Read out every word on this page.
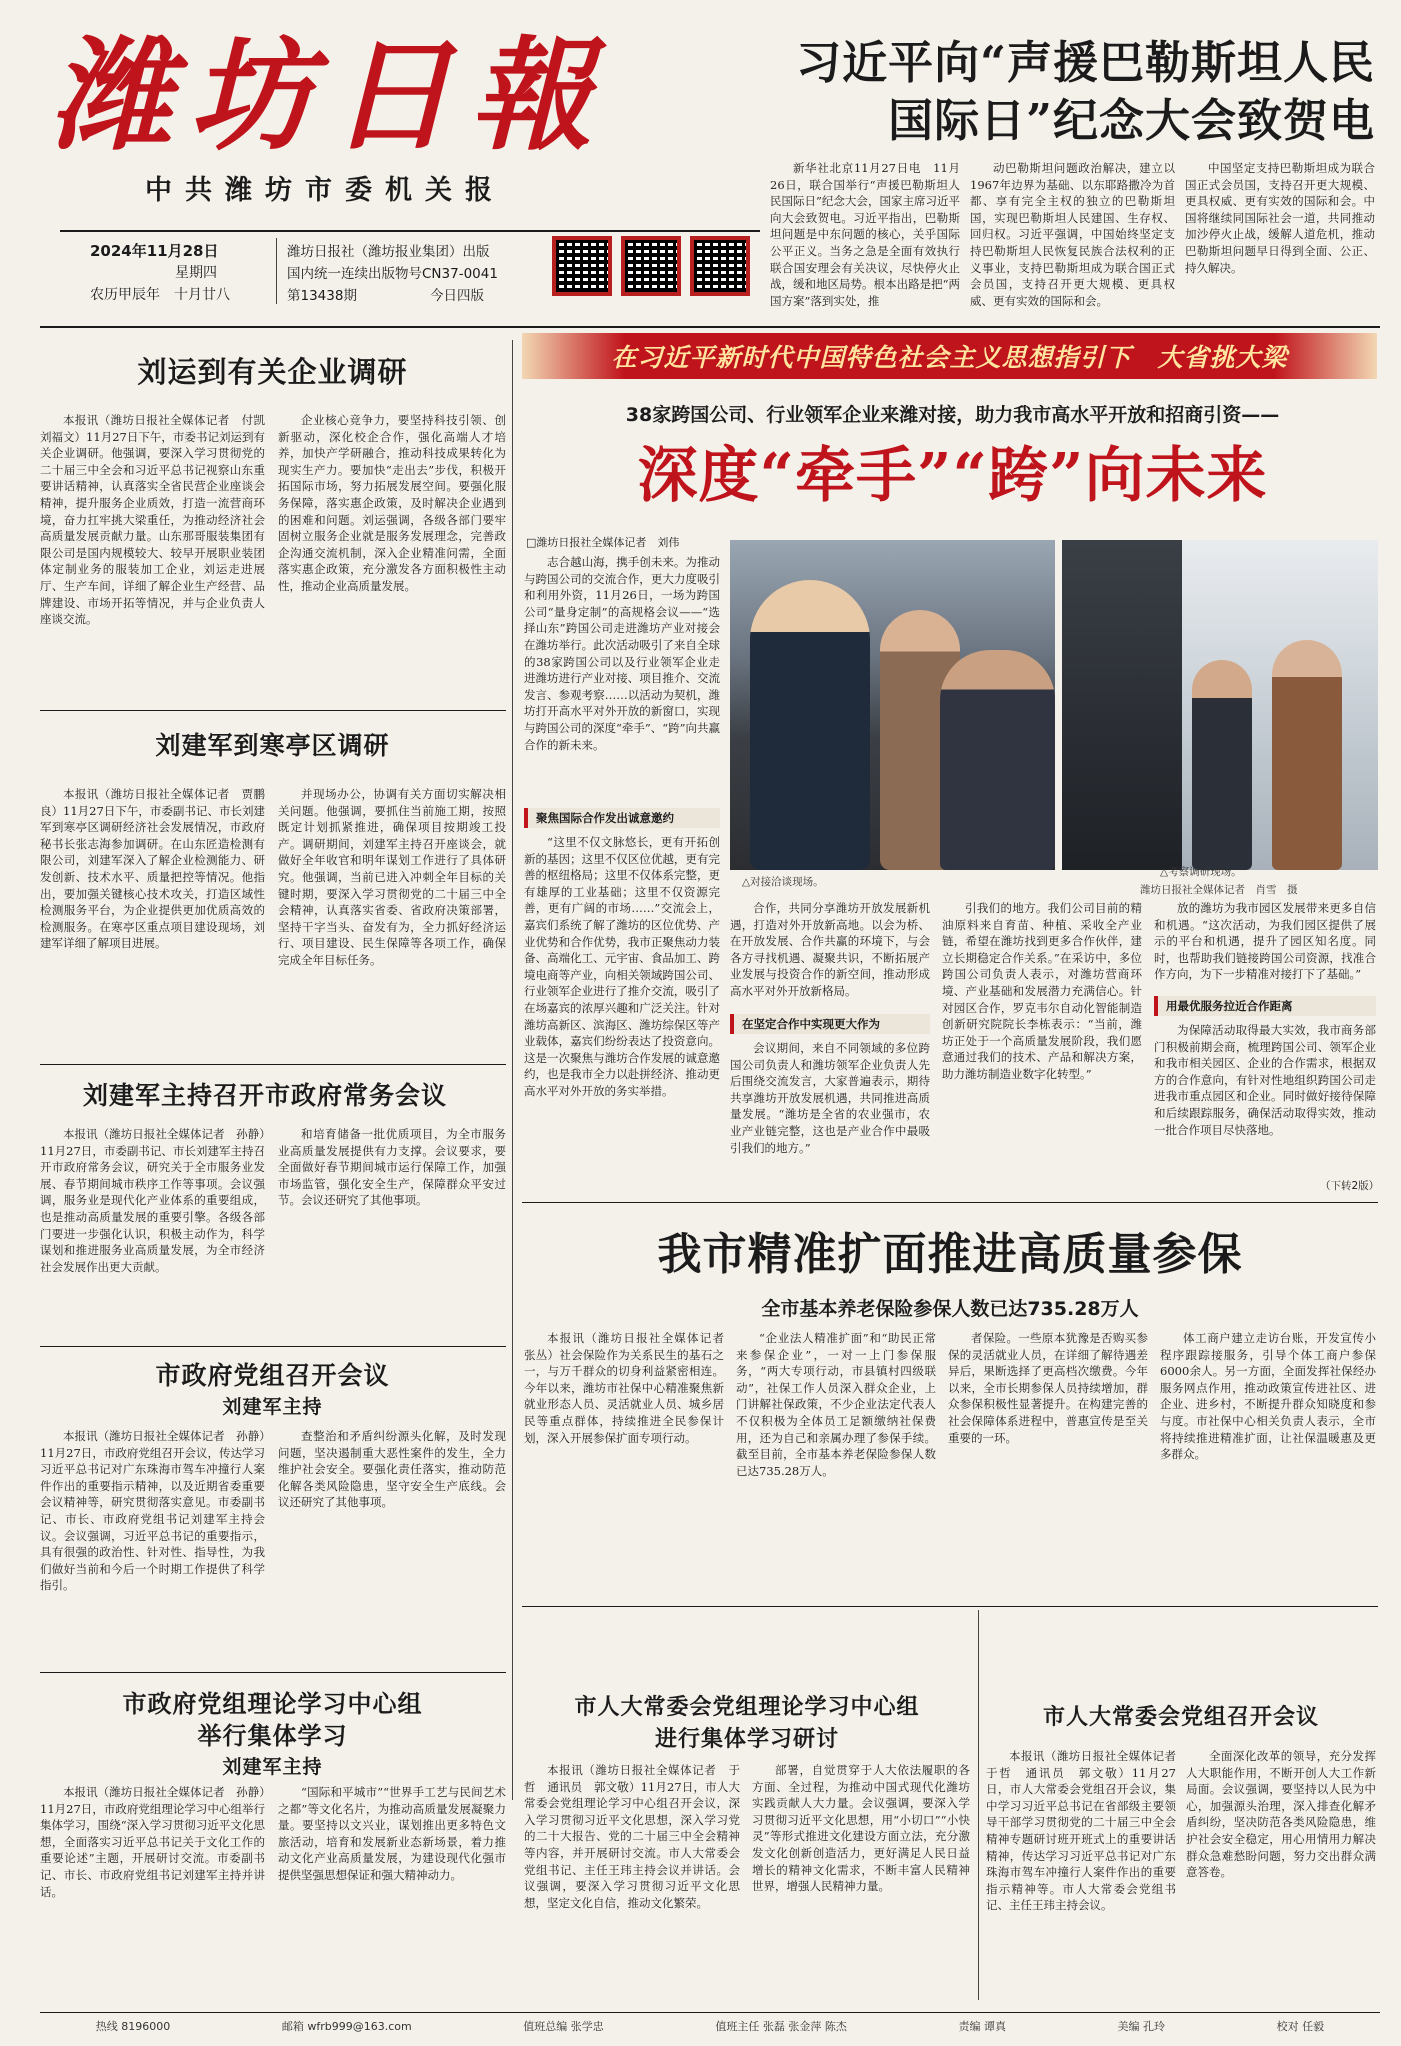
潍坊日報
中共潍坊市委机关报
2024年11月28日
星期四
农历甲辰年　十月廿八
潍坊日报社（潍坊报业集团）出版
国内统一连续出版物号CN37-0041
第13438期	今日四版
习近平向“声援巴勒斯坦人民
国际日”纪念大会致贺电

新华社北京11月27日电　11月26日，联合国举行“声援巴勒斯坦人民国际日”纪念大会，国家主席习近平向大会致贺电。习近平指出，巴勒斯坦问题是中东问题的核心，关乎国际公平正义。当务之急是全面有效执行联合国安理会有关决议，尽快停火止战，缓和地区局势。根本出路是把“两国方案”落到实处，推

动巴勒斯坦问题政治解决，建立以1967年边界为基础、以东耶路撒冷为首都、享有完全主权的独立的巴勒斯坦国，实现巴勒斯坦人民建国、生存权、回归权。习近平强调，中国始终坚定支持巴勒斯坦人民恢复民族合法权利的正义事业，支持巴勒斯坦成为联合国正式会员国，支持召开更大规模、更具权威、更有实效的国际和会。

中国坚定支持巴勒斯坦成为联合国正式会员国，支持召开更大规模、更具权威、更有实效的国际和会。中国将继续同国际社会一道，共同推动加沙停火止战，缓解人道危机，推动巴勒斯坦问题早日得到全面、公正、持久解决。

在习近平新时代中国特色社会主义思想指引下　大省挑大梁
38家跨国公司、行业领军企业来潍对接，助力我市高水平开放和招商引资——
深度“牵手”“跨”向未来
□潍坊日报社全媒体记者　刘伟

志合越山海，携手创未来。为推动与跨国公司的交流合作，更大力度吸引和利用外资，11月26日，一场为跨国公司“量身定制”的高规格会议——“选择山东”跨国公司走进潍坊产业对接会在潍坊举行。此次活动吸引了来自全球的38家跨国公司以及行业领军企业走进潍坊进行产业对接、项目推介、交流发言、参观考察……以活动为契机，潍坊打开高水平对外开放的新窗口，实现与跨国公司的深度“牵手”、“跨”向共赢合作的新未来。

聚焦国际合作发出诚意邀约

“这里不仅文脉悠长，更有开拓创新的基因；这里不仅区位优越，更有完善的枢纽格局；这里不仅体系完整，更有雄厚的工业基础；这里不仅资源完善，更有广阔的市场……”交流会上，嘉宾们系统了解了潍坊的区位优势、产业优势和合作优势，我市正聚焦动力装备、高端化工、元宇宙、食品加工、跨境电商等产业，向相关领域跨国公司、行业领军企业进行了推介交流，吸引了在场嘉宾的浓厚兴趣和广泛关注。针对潍坊高新区、滨海区、潍坊综保区等产业载体，嘉宾们纷纷表达了投资意向。这是一次聚焦与潍坊合作发展的诚意邀约，也是我市全力以赴拼经济、推动更高水平对外开放的务实举措。

△对接洽谈现场。
△考察调研现场。
潍坊日报社全媒体记者　肖雪　摄

合作，共同分享潍坊开放发展新机遇，打造对外开放新高地。以会为桥、在开放发展、合作共赢的环境下，与会各方寻找机遇、凝聚共识，不断拓展产业发展与投资合作的新空间，推动形成高水平对外开放新格局。

在坚定合作中实现更大作为

会议期间，来自不同领域的多位跨国公司负责人和潍坊领军企业负责人先后围绕交流发言，大家普遍表示，期待共享潍坊开放发展机遇，共同推进高质量发展。“潍坊是全省的农业强市，农业产业链完整，这也是产业合作中最吸引我们的地方。”

引我们的地方。我们公司目前的精油原料来自育苗、种植、采收全产业链，希望在潍坊找到更多合作伙伴，建立长期稳定合作关系。”在采访中，多位跨国公司负责人表示，对潍坊营商环境、产业基础和发展潜力充满信心。针对园区合作，罗克韦尔自动化智能制造创新研究院院长李栋表示：“当前，潍坊正处于一个高质量发展阶段，我们愿意通过我们的技术、产品和解决方案，助力潍坊制造业数字化转型。”

放的潍坊为我市园区发展带来更多自信和机遇。“这次活动，为我们园区提供了展示的平台和机遇，提升了园区知名度。同时，也帮助我们链接跨国公司资源，找准合作方向，为下一步精准对接打下了基础。”

用最优服务拉近合作距离

为保障活动取得最大实效，我市商务部门积极前期会商，梳理跨国公司、领军企业和我市相关园区、企业的合作需求，根据双方的合作意向，有针对性地组织跨国公司走进我市重点园区和企业。同时做好接待保障和后续跟踪服务，确保活动取得实效，推动一批合作项目尽快落地。

（下转2版）
我市精准扩面推进高质量参保
全市基本养老保险参保人数已达735.28万人

本报讯（潍坊日报社全媒体记者　张丛）社会保险作为关系民生的基石之一，与万千群众的切身利益紧密相连。今年以来，潍坊市社保中心精准聚焦新就业形态人员、灵活就业人员、城乡居民等重点群体，持续推进全民参保计划，深入开展参保扩面专项行动。

“企业法人精准扩面”和“助民正常来参保企业”，一对一上门参保服务，“两大专项行动，市县镇村四级联动”，社保工作人员深入群众企业，上门讲解社保政策，不少企业法定代表人不仅积极为全体员工足额缴纳社保费用，还为自己和亲属办理了参保手续。截至目前，全市基本养老保险参保人数已达735.28万人。

者保险。一些原本犹豫是否购买参保的灵活就业人员，在详细了解待遇差异后，果断选择了更高档次缴费。今年以来，全市长期参保人员持续增加，群众参保积极性显著提升。在构建完善的社会保障体系进程中，普惠宣传是至关重要的一环。

体工商户建立走访台账，开发宣传小程序跟踪接服务，引导个体工商户参保6000余人。另一方面，全面发挥社保经办服务网点作用，推动政策宣传进社区、进企业、进乡村，不断提升群众知晓度和参与度。市社保中心相关负责人表示，全市将持续推进精准扩面，让社保温暖惠及更多群众。

刘运到有关企业调研

本报讯（潍坊日报社全媒体记者　付凯　刘福文）11月27日下午，市委书记刘运到有关企业调研。他强调，要深入学习贯彻党的二十届三中全会和习近平总书记视察山东重要讲话精神，认真落实全省民营企业座谈会精神，提升服务企业质效，打造一流营商环境，奋力扛牢挑大梁重任，为推动经济社会高质量发展贡献力量。山东那哥服装集团有限公司是国内规模较大、较早开展职业装团体定制业务的服装加工企业，刘运走进展厅、生产车间，详细了解企业生产经营、品牌建设、市场开拓等情况，并与企业负责人座谈交流。

企业核心竞争力，要坚持科技引领、创新驱动，深化校企合作，强化高端人才培养，加快产学研融合，推动科技成果转化为现实生产力。要加快“走出去”步伐，积极开拓国际市场，努力拓展发展空间。要强化服务保障，落实惠企政策，及时解决企业遇到的困难和问题。刘运强调，各级各部门要牢固树立服务企业就是服务发展理念，完善政企沟通交流机制，深入企业精准问需，全面落实惠企政策，充分激发各方面积极性主动性，推动企业高质量发展。

刘建军到寒亭区调研

本报讯（潍坊日报社全媒体记者　贾鹏良）11月27日下午，市委副书记、市长刘建军到寒亭区调研经济社会发展情况，市政府秘书长张志海参加调研。在山东匠造检测有限公司，刘建军深入了解企业检测能力、研发创新、技术水平、质量把控等情况。他指出，要加强关键核心技术攻关，打造区域性检测服务平台，为企业提供更加优质高效的检测服务。在寒亭区重点项目建设现场，刘建军详细了解项目进展。

并现场办公，协调有关方面切实解决相关问题。他强调，要抓住当前施工期，按照既定计划抓紧推进，确保项目按期竣工投产。调研期间，刘建军主持召开座谈会，就做好全年收官和明年谋划工作进行了具体研究。他强调，当前已进入冲刺全年目标的关键时期，要深入学习贯彻党的二十届三中全会精神，认真落实省委、省政府决策部署，坚持干字当头、奋发有为，全力抓好经济运行、项目建设、民生保障等各项工作，确保完成全年目标任务。

刘建军主持召开市政府常务会议

本报讯（潍坊日报社全媒体记者　孙静）11月27日，市委副书记、市长刘建军主持召开市政府常务会议，研究关于全市服务业发展、春节期间城市秩序工作等事项。会议强调，服务业是现代化产业体系的重要组成，也是推动高质量发展的重要引擎。各级各部门要进一步强化认识，积极主动作为，科学谋划和推进服务业高质量发展，为全市经济社会发展作出更大贡献。

和培育储备一批优质项目，为全市服务业高质量发展提供有力支撑。会议要求，要全面做好春节期间城市运行保障工作，加强市场监管，强化安全生产，保障群众平安过节。会议还研究了其他事项。

市政府党组召开会议
刘建军主持

本报讯（潍坊日报社全媒体记者　孙静）11月27日，市政府党组召开会议，传达学习习近平总书记对广东珠海市驾车冲撞行人案件作出的重要指示精神，以及近期省委重要会议精神等，研究贯彻落实意见。市委副书记、市长、市政府党组书记刘建军主持会议。会议强调，习近平总书记的重要指示，具有很强的政治性、针对性、指导性，为我们做好当前和今后一个时期工作提供了科学指引。

查整治和矛盾纠纷源头化解，及时发现问题，坚决遏制重大恶性案件的发生，全力维护社会安全。要强化责任落实，推动防范化解各类风险隐患，坚守安全生产底线。会议还研究了其他事项。

市政府党组理论学习中心组
举行集体学习
刘建军主持

本报讯（潍坊日报社全媒体记者　孙静）11月27日，市政府党组理论学习中心组举行集体学习，围绕“深入学习贯彻习近平文化思想，全面落实习近平总书记关于文化工作的重要论述”主题，开展研讨交流。市委副书记、市长、市政府党组书记刘建军主持并讲话。

“国际和平城市”“世界手工艺与民间艺术之都”等文化名片，为推动高质量发展凝聚力量。要坚持以文兴业，谋划推出更多特色文旅活动，培育和发展新业态新场景，着力推动文化产业高质量发展，为建设现代化强市提供坚强思想保证和强大精神动力。

市人大常委会党组理论学习中心组
进行集体学习研讨

本报讯（潍坊日报社全媒体记者　于哲　通讯员　郭文敬）11月27日，市人大常委会党组理论学习中心组召开会议，深入学习贯彻习近平文化思想，深入学习党的二十大报告、党的二十届三中全会精神等内容，并开展研讨交流。市人大常委会党组书记、主任王玮主持会议并讲话。会议强调，要深入学习贯彻习近平文化思想，坚定文化自信，推动文化繁荣。

部署，自觉贯穿于人大依法履职的各方面、全过程，为推动中国式现代化潍坊实践贡献人大力量。会议强调，要深入学习贯彻习近平文化思想，用“小切口”“小快灵”等形式推进文化建设方面立法，充分激发文化创新创造活力，更好满足人民日益增长的精神文化需求，不断丰富人民精神世界，增强人民精神力量。

市人大常委会党组召开会议

本报讯（潍坊日报社全媒体记者　于哲　通讯员　郭文敬）11月27日，市人大常委会党组召开会议，集中学习习近平总书记在省部级主要领导干部学习贯彻党的二十届三中全会精神专题研讨班开班式上的重要讲话精神，传达学习习近平总书记对广东珠海市驾车冲撞行人案件作出的重要指示精神等。市人大常委会党组书记、主任王玮主持会议。

全面深化改革的领导，充分发挥人大职能作用，不断开创人大工作新局面。会议强调，要坚持以人民为中心，加强源头治理，深入排查化解矛盾纠纷，坚决防范各类风险隐患，维护社会安全稳定，用心用情用力解决群众急难愁盼问题，努力交出群众满意答卷。

热线 8196000	邮箱 wfrb999@163.com	值班总编 张学忠	值班主任 张磊 张金萍 陈杰	责编 谭真	美编 孔玲	校对 任毅
